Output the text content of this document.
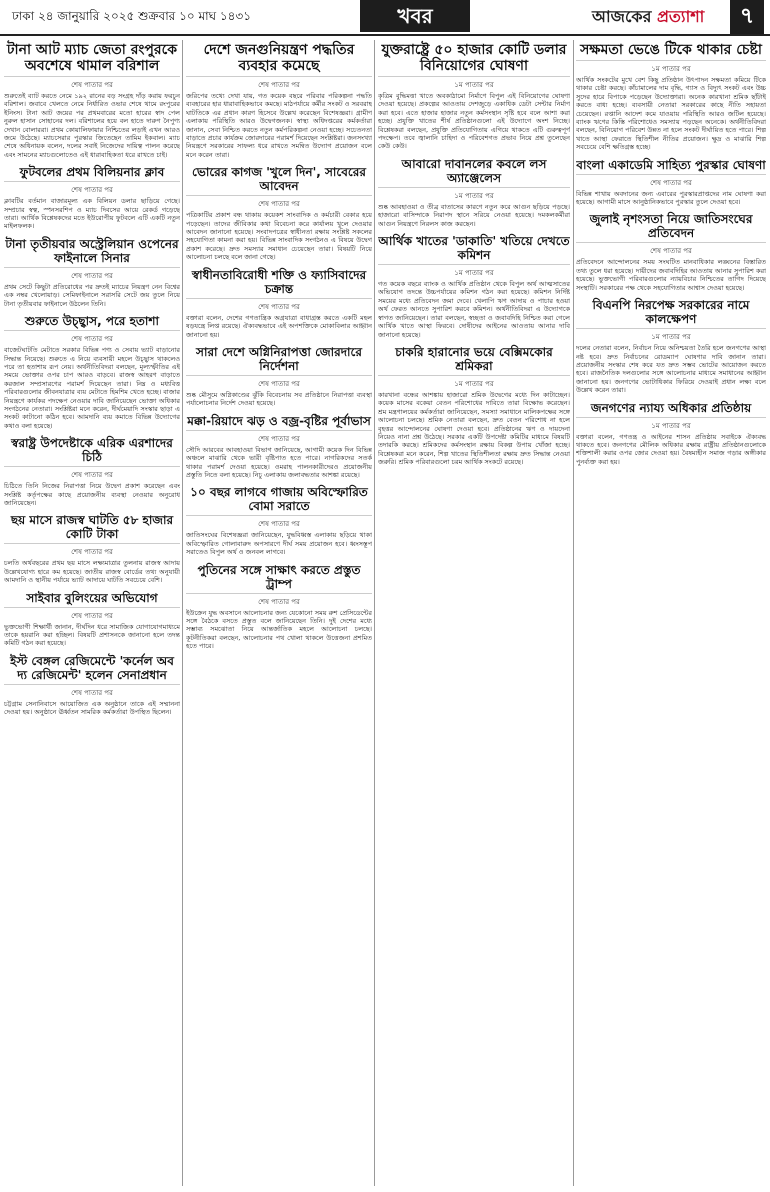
ঢাকা ২৪ জানুয়ারি ২০২৫ শুক্রবার ১০ মাঘ ১৪৩১	খবর	আজকের প্রত্যাশা	৭
টানা আট ম্যাচ জেতা রংপুরকে অবশেষে থামাল বরিশাল
শেষ পাতার পর

শুরুতেই ব্যাট করতে নেমে ১৯২ রানের বড় সংগ্রহ দাঁড় করায় ফরচুন বরিশাল। জবাবে খেলতে নেমে নির্ধারিত ওভার শেষে থামে রংপুরের ইনিংস। টানা আট জয়ের পর প্রথমবারের মতো হারের স্বাদ পেল নুরুল হাসান সোহানের দল। বরিশালের হয়ে বল হাতে দারুণ নৈপুণ্য দেখান বোলাররা। প্রথম কোয়ালিফায়ার নিশ্চিতের লড়াই এখন আরও জমে উঠেছে। ম্যাচসেরার পুরস্কার জিতেছেন তামিম ইকবাল। ম্যাচ শেষে অধিনায়ক বলেন, দলের সবাই নিজেদের দায়িত্ব পালন করেছে এবং সামনের ম্যাচগুলোতেও এই ধারাবাহিকতা ধরে রাখতে চাই।

ফুটবলের প্রথম বিলিয়নার ক্লাব
শেষ পাতার পর

ক্লাবটির বর্তমান বাজারমূল্য এক বিলিয়ন ডলার ছাড়িয়ে গেছে। সম্প্রচার স্বত্ব, স্পনসরশিপ ও ম্যাচ দিবসের আয়ে রেকর্ড গড়েছে তারা। আর্থিক বিশ্লেষকদের মতে ইউরোপীয় ফুটবলে এটি একটি নতুন মাইলফলক।

টানা তৃতীয়বার অস্ট্রেলিয়ান ওপেনের ফাইনালে সিনার
শেষ পাতার পর

প্রথম সেটে কিছুটা প্রতিরোধের পর দ্রুতই ম্যাচের নিয়ন্ত্রণ নেন বিশ্বের এক নম্বর খেলোয়াড়। সেমিফাইনালে সরাসরি সেটে জয় তুলে নিয়ে টানা তৃতীয়বার ফাইনালে উঠলেন তিনি।

শুরুতে উচ্ছ্বাস, পরে হতাশা
শেষ পাতার পর

বাজেটঘাটতি মেটাতে সরকার বিভিন্ন পণ্য ও সেবায় ভ্যাট বাড়ানোর সিদ্ধান্ত নিয়েছে। শুরুতে এ নিয়ে ব্যবসায়ী মহলে উচ্ছ্বাস থাকলেও পরে তা হতাশায় রূপ নেয়। অর্থনীতিবিদরা বলছেন, মূল্যস্ফীতির এই সময়ে ভোক্তার ওপর চাপ আরও বাড়বে। রাজস্ব আহরণ বাড়াতে করজাল সম্প্রসারণের পরামর্শ দিয়েছেন তারা। নিম্ন ও মধ্যবিত্ত পরিবারগুলোর জীবনযাত্রার ব্যয় মেটাতে হিমশিম খেতে হচ্ছে। বাজার নিয়ন্ত্রণে কার্যকর পদক্ষেপ নেওয়ার দাবি জানিয়েছেন ভোক্তা অধিকার সংগঠনের নেতারা। সংশ্লিষ্টরা মনে করেন, দীর্ঘমেয়াদি সংস্কার ছাড়া এ সংকট কাটানো কঠিন হবে। আমদানি ব্যয় কমাতে বিভিন্ন উদ্যোগের কথাও বলা হয়েছে।

স্বরাষ্ট্র উপদেষ্টাকে এরিক এরশাদের চিঠি
শেষ পাতার পর

চিঠিতে তিনি নিজের নিরাপত্তা নিয়ে উদ্বেগ প্রকাশ করেছেন এবং সংশ্লিষ্ট কর্তৃপক্ষের কাছে প্রয়োজনীয় ব্যবস্থা নেওয়ার অনুরোধ জানিয়েছেন।

ছয় মাসে রাজস্ব ঘাটতি ৫৮ হাজার কোটি টাকা
শেষ পাতার পর

চলতি অর্থবছরের প্রথম ছয় মাসে লক্ষ্যমাত্রার তুলনায় রাজস্ব আদায় উল্লেখযোগ্য হারে কম হয়েছে। জাতীয় রাজস্ব বোর্ডের তথ্য অনুযায়ী আমদানি ও স্থানীয় পর্যায়ে ভ্যাট আদায়ে ঘাটতি সবচেয়ে বেশি।

সাইবার বুলিংয়ের অভিযোগ
শেষ পাতার পর

ভুক্তভোগী শিক্ষার্থী জানান, দীর্ঘদিন ধরে সামাজিক যোগাযোগমাধ্যমে তাকে হয়রানি করা হচ্ছিল। বিষয়টি প্রশাসনকে জানানো হলে তদন্ত কমিটি গঠন করা হয়েছে।

ইস্ট বেঙ্গল রেজিমেন্টে 'কর্নেল অব দ্য রেজিমেন্ট' হলেন সেনাপ্রধান
শেষ পাতার পর

চট্টগ্রাম সেনানিবাসে আয়োজিত এক অনুষ্ঠানে তাকে এই সম্মাননা দেওয়া হয়। অনুষ্ঠানে ঊর্ধ্বতন সামরিক কর্মকর্তারা উপস্থিত ছিলেন।

দেশে জনগুনিয়ন্ত্রণ পদ্ধতির ব্যবহার কমেছে
শেষ পাতার পর

জরিপের তথ্যে দেখা যায়, গত কয়েক বছরে পরিবার পরিকল্পনা পদ্ধতি ব্যবহারের হার ধারাবাহিকভাবে কমছে। মাঠপর্যায়ে কর্মীর সংকট ও সরবরাহ ঘাটতিকে এর প্রধান কারণ হিসেবে উল্লেখ করেছেন বিশেষজ্ঞরা। গ্রামীণ এলাকায় পরিস্থিতি আরও উদ্বেগজনক। স্বাস্থ্য অধিদপ্তরের কর্মকর্তারা জানান, সেবা নিশ্চিত করতে নতুন কর্মপরিকল্পনা নেওয়া হচ্ছে। সচেতনতা বাড়াতে প্রচার কার্যক্রম জোরদারের পরামর্শ দিয়েছেন সংশ্লিষ্টরা। জনসংখ্যা নিয়ন্ত্রণে সরকারের সাফল্য ধরে রাখতে সমন্বিত উদ্যোগ প্রয়োজন বলে মনে করেন তারা।

ভোরের কাগজ 'খুলে দিন', সাবেরের আবেদন
শেষ পাতার পর

পত্রিকাটির প্রকাশ বন্ধ থাকায় কয়েকশ সাংবাদিক ও কর্মচারী বেকার হয়ে পড়েছেন। তাদের জীবিকার কথা বিবেচনা করে কার্যালয় খুলে দেওয়ার আবেদন জানানো হয়েছে। সংবাদপত্রের স্বাধীনতা রক্ষায় সংশ্লিষ্ট সকলের সহযোগিতা কামনা করা হয়। বিভিন্ন সাংবাদিক সংগঠনও এ বিষয়ে উদ্বেগ প্রকাশ করেছে। দ্রুত সমস্যার সমাধান চেয়েছেন তারা। বিষয়টি নিয়ে আলোচনা চলছে বলে জানা গেছে।

স্বাধীনতাবিরোধী শক্তি ও ফ্যাসিবাদের চক্রান্ত
শেষ পাতার পর

বক্তারা বলেন, দেশের গণতান্ত্রিক অগ্রযাত্রা বাধাগ্রস্ত করতে একটি মহল ষড়যন্ত্রে লিপ্ত রয়েছে। ঐক্যবদ্ধভাবে এই অপশক্তিকে মোকাবিলার আহ্বান জানানো হয়।

সারা দেশে অগ্নিনিরাপত্তা জোরদারে নির্দেশনা
শেষ পাতার পর

শুষ্ক মৌসুমে অগ্নিকাণ্ডের ঝুঁকি বিবেচনায় সব প্রতিষ্ঠানে নিরাপত্তা ব্যবস্থা পর্যালোচনার নির্দেশ দেওয়া হয়েছে।

মক্কা-রিয়াদে ঝড় ও বজ্র-বৃষ্টির পূর্বাভাস
শেষ পাতার পর

সৌদি আরবের আবহাওয়া বিভাগ জানিয়েছে, আগামী কয়েক দিন বিভিন্ন অঞ্চলে মাঝারি থেকে ভারী বৃষ্টিপাত হতে পারে। নাগরিকদের সতর্ক থাকার পরামর্শ দেওয়া হয়েছে। ওমরাহ পালনকারীদেরও প্রয়োজনীয় প্রস্তুতি নিতে বলা হয়েছে। নিচু এলাকায় জলাবদ্ধতার আশঙ্কা রয়েছে।

১০ বছর লাগবে গাজায় অবিস্ফোরিত বোমা সরাতে
শেষ পাতার পর

জাতিসংঘের বিশেষজ্ঞরা জানিয়েছেন, যুদ্ধবিধ্বস্ত এলাকায় ছড়িয়ে থাকা অবিস্ফোরিত গোলাবারুদ অপসারণে দীর্ঘ সময় প্রয়োজন হবে। ধ্বংসস্তূপ সরাতেও বিপুল অর্থ ও জনবল লাগবে।

পুতিনের সঙ্গে সাক্ষাৎ করতে প্রস্তুত ট্রাম্প
শেষ পাতার পর

ইউক্রেন যুদ্ধ অবসানে আলোচনার জন্য যেকোনো সময় রুশ প্রেসিডেন্টের সঙ্গে বৈঠকে বসতে প্রস্তুত বলে জানিয়েছেন তিনি। দুই দেশের মধ্যে সম্ভাব্য সমঝোতা নিয়ে আন্তর্জাতিক মহলে আলোচনা চলছে। কূটনীতিকরা বলছেন, আলোচনার পথ খোলা থাকলে উত্তেজনা প্রশমিত হতে পারে।

যুক্তরাষ্ট্রে ৫০ হাজার কোটি ডলার বিনিয়োগের ঘোষণা
১ম পাতার পর

কৃত্রিম বুদ্ধিমত্তা খাতে অবকাঠামো নির্মাণে বিপুল এই বিনিয়োগের ঘোষণা দেওয়া হয়েছে। প্রকল্পের আওতায় দেশজুড়ে একাধিক ডেটা সেন্টার নির্মাণ করা হবে। এতে হাজার হাজার নতুন কর্মসংস্থান সৃষ্টি হবে বলে আশা করা হচ্ছে। প্রযুক্তি খাতের শীর্ষ প্রতিষ্ঠানগুলো এই উদ্যোগে অংশ নিচ্ছে। বিশ্লেষকরা বলছেন, প্রযুক্তি প্রতিযোগিতায় এগিয়ে থাকতে এটি গুরুত্বপূর্ণ পদক্ষেপ। তবে জ্বালানি চাহিদা ও পরিবেশগত প্রভাব নিয়ে প্রশ্ন তুলেছেন কেউ কেউ।

আবারো দাবানলের কবলে লস অ্যাঞ্জেলেস
১ম পাতার পর

শুষ্ক আবহাওয়া ও তীব্র বাতাসের কারণে নতুন করে আগুন ছড়িয়ে পড়ছে। হাজারো বাসিন্দাকে নিরাপদ স্থানে সরিয়ে নেওয়া হয়েছে। দমকলকর্মীরা আগুন নিয়ন্ত্রণে নিরলস কাজ করছেন।

আর্থিক খাতের 'ডাকাতি' খতিয়ে দেখতে কমিশন
১ম পাতার পর

গত কয়েক বছরে ব্যাংক ও আর্থিক প্রতিষ্ঠান থেকে বিপুল অর্থ আত্মসাতের অভিযোগ তদন্তে উচ্চপর্যায়ের কমিশন গঠন করা হয়েছে। কমিশন নির্দিষ্ট সময়ের মধ্যে প্রতিবেদন জমা দেবে। খেলাপি ঋণ আদায় ও পাচার হওয়া অর্থ ফেরত আনতে সুপারিশ করবে কমিশন। অর্থনীতিবিদরা এ উদ্যোগকে স্বাগত জানিয়েছেন। তারা বলছেন, স্বচ্ছতা ও জবাবদিহি নিশ্চিত করা গেলে আর্থিক খাতে আস্থা ফিরবে। দোষীদের আইনের আওতায় আনার দাবি জানানো হয়েছে।

চাকরি হারানোর ভয়ে বেক্সিমকোর শ্রমিকরা
১ম পাতার পর

কারখানা বন্ধের আশঙ্কায় হাজারো শ্রমিক উদ্বেগের মধ্যে দিন কাটাচ্ছেন। কয়েক মাসের বকেয়া বেতন পরিশোধের দাবিতে তারা বিক্ষোভ করেছেন। শ্রম মন্ত্রণালয়ের কর্মকর্তারা জানিয়েছেন, সমস্যা সমাধানে মালিকপক্ষের সঙ্গে আলোচনা চলছে। শ্রমিক নেতারা বলছেন, দ্রুত বেতন পরিশোধ না হলে বৃহত্তর আন্দোলনের ঘোষণা দেওয়া হবে। প্রতিষ্ঠানের ঋণ ও দায়দেনা নিয়েও নানা প্রশ্ন উঠেছে। সরকার একটি উপদেষ্টা কমিটির মাধ্যমে বিষয়টি তদারকি করছে। শ্রমিকদের কর্মসংস্থান রক্ষায় বিকল্প উপায় খোঁজা হচ্ছে। বিশ্লেষকরা মনে করেন, শিল্প খাতের স্থিতিশীলতা রক্ষায় দ্রুত সিদ্ধান্ত নেওয়া জরুরি। শ্রমিক পরিবারগুলো চরম আর্থিক সংকটে রয়েছে।

সক্ষমতা ভেঙে টিকে থাকার চেষ্টা
১ম পাতার পর

আর্থিক সংকটের মুখে বেশ কিছু প্রতিষ্ঠান উৎপাদন সক্ষমতা কমিয়ে টিকে থাকার চেষ্টা করছে। কাঁচামালের দাম বৃদ্ধি, গ্যাস ও বিদ্যুৎ সংকট এবং উচ্চ সুদের হারে বিপাকে পড়েছেন উদ্যোক্তারা। অনেক কারখানা শ্রমিক ছাঁটাই করতে বাধ্য হচ্ছে। ব্যবসায়ী নেতারা সরকারের কাছে নীতি সহায়তা চেয়েছেন। রপ্তানি আদেশ কমে যাওয়ায় পরিস্থিতি আরও জটিল হয়েছে। ব্যাংক ঋণের কিস্তি পরিশোধেও সমস্যায় পড়ছেন অনেকে। অর্থনীতিবিদরা বলছেন, বিনিয়োগ পরিবেশ উন্নত না হলে সংকট দীর্ঘায়িত হতে পারে। শিল্প খাতে আস্থা ফেরাতে স্থিতিশীল নীতির প্রয়োজন। ক্ষুদ্র ও মাঝারি শিল্প সবচেয়ে বেশি ক্ষতিগ্রস্ত হচ্ছে।

বাংলা একাডেমি সাহিত্য পুরস্কার ঘোষণা
শেষ পাতার পর

বিভিন্ন শাখায় অবদানের জন্য এবারের পুরস্কারপ্রাপ্তদের নাম ঘোষণা করা হয়েছে। আগামী মাসে আনুষ্ঠানিকভাবে পুরস্কার তুলে দেওয়া হবে।

জুলাই নৃশংসতা নিয়ে জাতিসংঘের প্রতিবেদন
শেষ পাতার পর

প্রতিবেদনে আন্দোলনের সময় সংঘটিত মানবাধিকার লঙ্ঘনের বিস্তারিত তথ্য তুলে ধরা হয়েছে। দায়ীদের জবাবদিহির আওতায় আনার সুপারিশ করা হয়েছে। ভুক্তভোগী পরিবারগুলোর ন্যায়বিচার নিশ্চিতের তাগিদ দিয়েছে সংস্থাটি। সরকারের পক্ষ থেকে সহযোগিতার আশ্বাস দেওয়া হয়েছে।

বিএনপি নিরপেক্ষ সরকারের নামে কালক্ষেপণ
১ম পাতার পর

দলের নেতারা বলেন, নির্বাচন নিয়ে অনিশ্চয়তা তৈরি হলে জনগণের আস্থা নষ্ট হবে। দ্রুত নির্বাচনের রোডম্যাপ ঘোষণার দাবি জানান তারা। প্রয়োজনীয় সংস্কার শেষ করে যত দ্রুত সম্ভব ভোটের আয়োজন করতে হবে। রাজনৈতিক দলগুলোর সঙ্গে আলোচনার মাধ্যমে সমাধানের আহ্বান জানানো হয়। জনগণের ভোটাধিকার ফিরিয়ে দেওয়াই প্রধান লক্ষ্য বলে উল্লেখ করেন তারা।

জনগণের ন্যায্য অধিকার প্রতিষ্ঠায়
১ম পাতার পর

বক্তারা বলেন, গণতন্ত্র ও আইনের শাসন প্রতিষ্ঠায় সবাইকে ঐক্যবদ্ধ থাকতে হবে। জনগণের মৌলিক অধিকার রক্ষায় রাষ্ট্রীয় প্রতিষ্ঠানগুলোকে শক্তিশালী করার ওপর জোর দেওয়া হয়। বৈষম্যহীন সমাজ গড়ার অঙ্গীকার পুনর্ব্যক্ত করা হয়।
